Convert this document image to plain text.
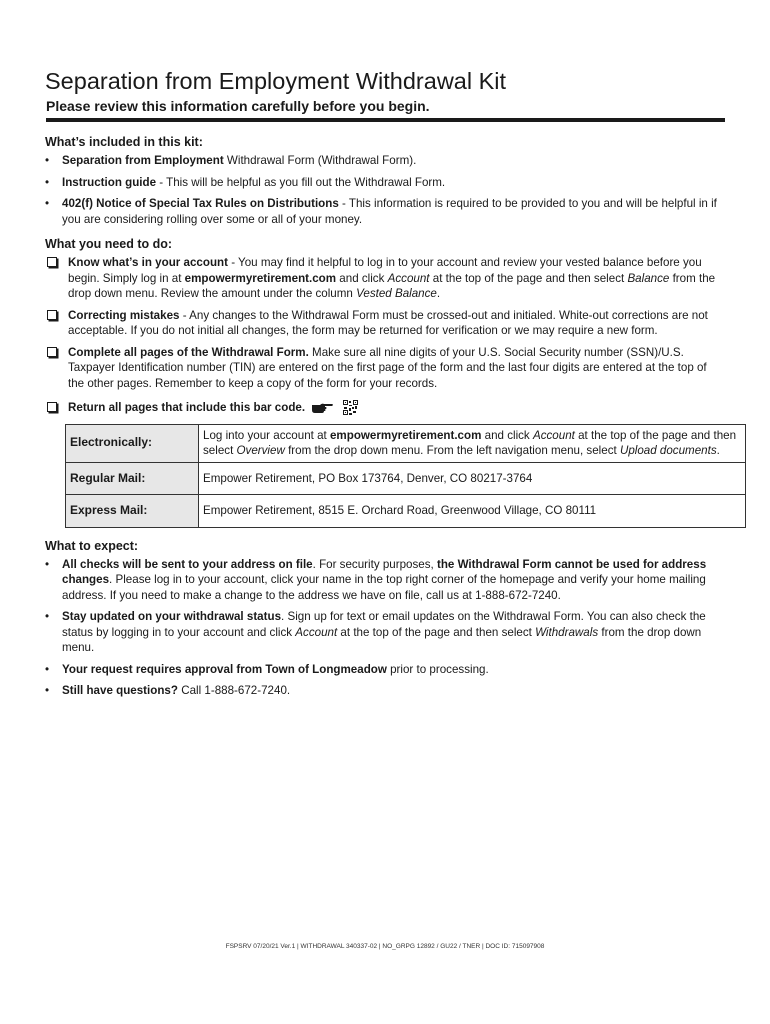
Separation from Employment Withdrawal Kit
Please review this information carefully before you begin.
What’s included in this kit:
• Separation from Employment Withdrawal Form (Withdrawal Form).
• Instruction guide - This will be helpful as you fill out the Withdrawal Form.
• 402(f) Notice of Special Tax Rules on Distributions - This information is required to be provided to you and will be helpful in if you are considering rolling over some or all of your money.
What you need to do:
Know what’s in your account - You may find it helpful to log in to your account and review your vested balance before you begin. Simply log in at empowermyretirement.com and click Account at the top of the page and then select Balance from the drop down menu. Review the amount under the column Vested Balance.
Correcting mistakes - Any changes to the Withdrawal Form must be crossed-out and initialed. White-out corrections are not acceptable. If you do not initial all changes, the form may be returned for verification or we may require a new form.
Complete all pages of the Withdrawal Form. Make sure all nine digits of your U.S. Social Security number (SSN)/U.S. Taxpayer Identification number (TIN) are entered on the first page of the form and the last four digits are entered at the top of the other pages. Remember to keep a copy of the form for your records.
Return all pages that include this bar code.
Electronically:	Log into your account at empowermyretirement.com and click Account at the top of the page and then select Overview from the drop down menu. From the left navigation menu, select Upload documents.
Regular Mail:	Empower Retirement, PO Box 173764, Denver, CO 80217-3764
Express Mail:	Empower Retirement, 8515 E. Orchard Road, Greenwood Village, CO 80111
What to expect:
• All checks will be sent to your address on file. For security purposes, the Withdrawal Form cannot be used for address changes. Please log in to your account, click your name in the top right corner of the homepage and verify your home mailing address. If you need to make a change to the address we have on file, call us at 1-888-672-7240.
• Stay updated on your withdrawal status. Sign up for text or email updates on the Withdrawal Form. You can also check the status by logging in to your account and click Account at the top of the page and then select Withdrawals from the drop down menu.
• Your request requires approval from Town of Longmeadow prior to processing.
• Still have questions? Call 1-888-672-7240.
FSPSRV 07/20/21 Ver.1 | WITHDRAWAL 340337-02 | NO_GRPG 12892 / GU22 / TNER | DOC ID: 715097908
